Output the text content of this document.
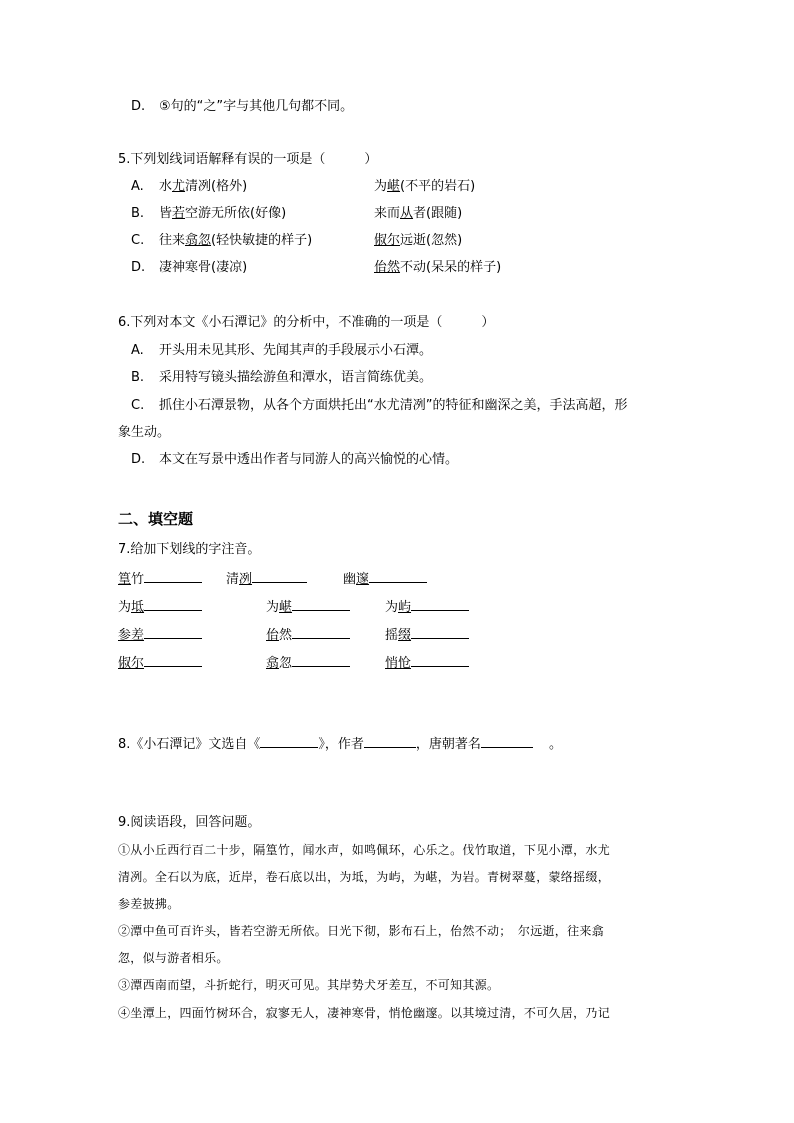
D. ⑤句的“之”字与其他几句都不同。
5.下列划线词语解释有误的一项是（　　　）
A. 水尤清冽(格外)	为嵁(不平的岩石)
B. 皆若空游无所依(好像)	来而从者(跟随)
C. 往来翕忽(轻快敏捷的样子)	俶尔远逝(忽然)
D. 凄神寒骨(凄凉)	佁然不动(呆呆的样子)
6.下列对本文《小石潭记》的分析中，不准确的一项是（　　　）
A. 开头用未见其形、先闻其声的手段展示小石潭。
B. 采用特写镜头描绘游鱼和潭水，语言简练优美。
C. 抓住小石潭景物，从各个方面烘托出“水尤清冽”的特征和幽深之美，手法高超，形
象生动。
D. 本文在写景中透出作者与同游人的高兴愉悦的心情。
二、填空题
7.给加下划线的字注音。
篁竹	清冽	幽邃
为坻	为嵁	为屿
参差	佁然	摇缀
俶尔	翕忽	悄怆
8.《小石潭记》文选自《	》，作者	，唐朝著名	。
9.阅读语段，回答问题。
①从小丘西行百二十步，隔篁竹，闻水声，如鸣佩环，心乐之。伐竹取道，下见小潭，水尤
清冽。全石以为底，近岸，卷石底以出，为坻，为屿，为嵁，为岩。青树翠蔓，蒙络摇缀，
参差披拂。
②潭中鱼可百许头，皆若空游无所依。日光下彻，影布石上，佁然不动；　尔远逝，往来翕
忽，似与游者相乐。
③潭西南而望，斗折蛇行，明灭可见。其岸势犬牙差互，不可知其源。
④坐潭上，四面竹树环合，寂寥无人，凄神寒骨，悄怆幽邃。以其境过清，不可久居，乃记
